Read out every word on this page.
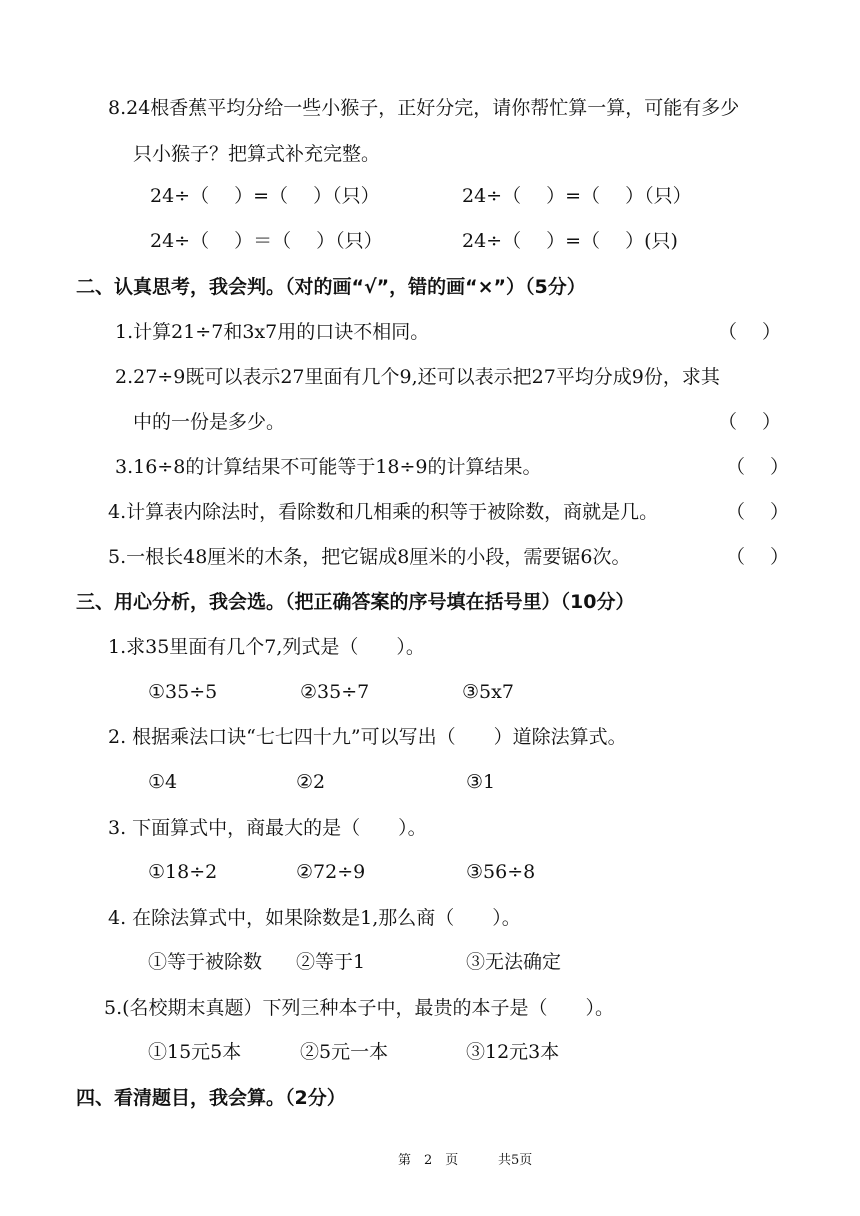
8.24根香蕉平均分给一些小猴子，正好分完，请你帮忙算一算，可能有多少
只小猴子？把算式补充完整。
24÷（　 ）=（　 ）（只）	24÷（　 ）=（　 ）（只）
24÷（　 ）＝（　 ）（只）	24÷（　 ）=（　 ）(只)
二、认真思考，我会判。（对的画“√”，错的画“×”）（5分）
1.计算21÷7和3x7用的口诀不相同。	（　 ）
2.27÷9既可以表示27里面有几个9,还可以表示把27平均分成9份，求其
中的一份是多少。	（　 ）
3.16÷8的计算结果不可能等于18÷9的计算结果。	（　 ）
4.计算表内除法时，看除数和几相乘的积等于被除数，商就是几。	（　 ）
5.一根长48厘米的木条，把它锯成8厘米的小段，需要锯6次。	（　 ）
三、用心分析，我会选。（把正确答案的序号填在括号里）（10分）
1.求35里面有几个7,列式是（　　）。
①35÷5	②35÷7	③5x7
2. 根据乘法口诀“七七四十九”可以写出（　　）道除法算式。
①4	②2	③1
3. 下面算式中，商最大的是（　　）。
①18÷2	②72÷9	③56÷8
4. 在除法算式中，如果除数是1,那么商（　　）。
①等于被除数 ②等于1	③无法确定
5.(名校期末真题）下列三种本子中，最贵的本子是（　　）。
①15元5本	②5元一本	③12元3本
四、看清题目，我会算。（2分）
第　2　页	共5页
